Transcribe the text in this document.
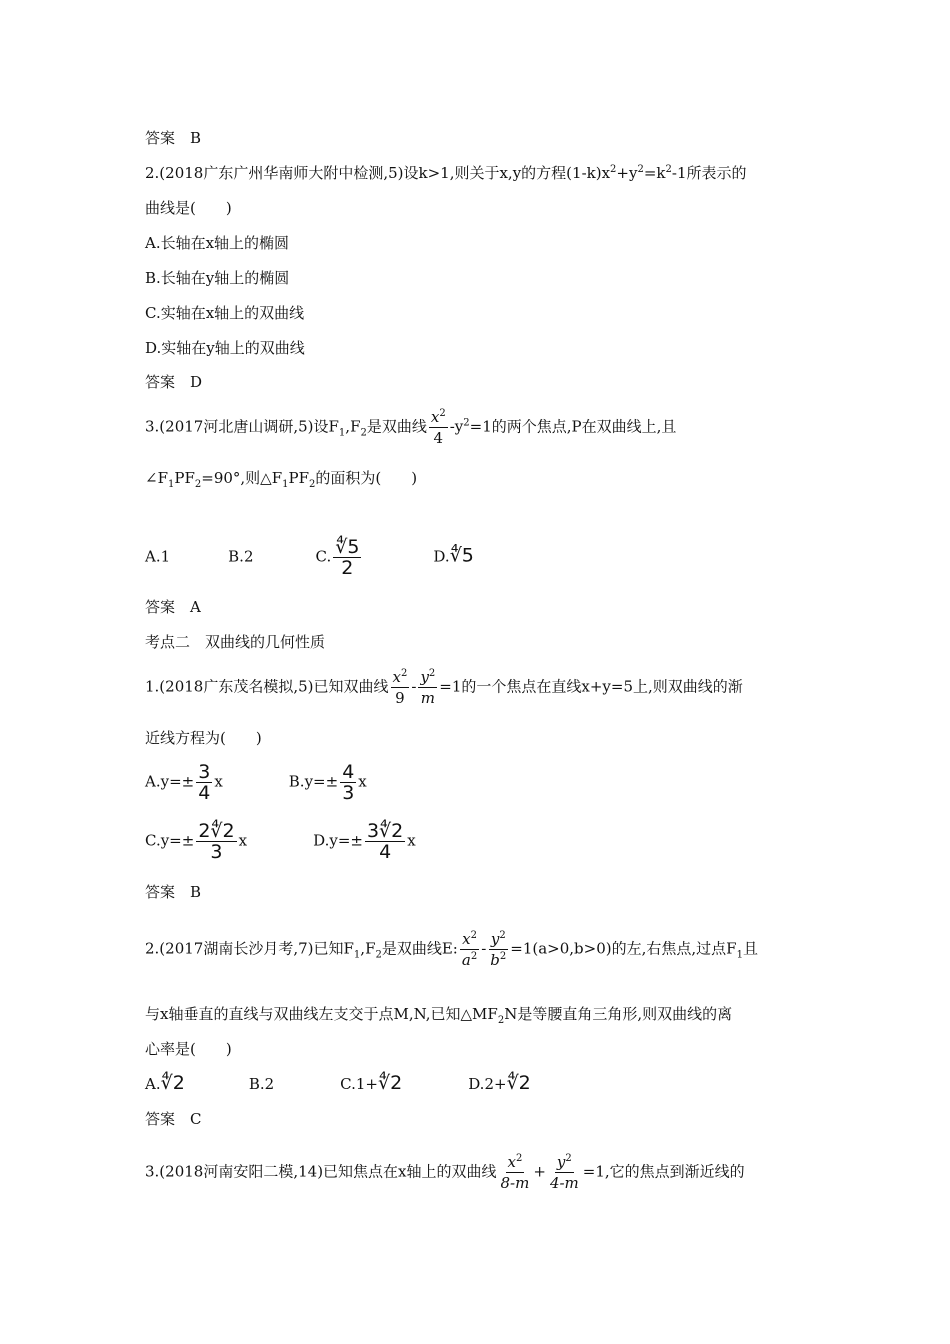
答案　B
2.(2018广东广州华南师大附中检测,5)设k>1,则关于x,y的方程$(1-k)x^2+y^2=k^2-1$所表示的
曲线是(　　)
A.长轴在x轴上的椭圆
B.长轴在y轴上的椭圆
C.实轴在x轴上的双曲线
D.实轴在y轴上的双曲线
答案　D
3.(2017河北唐山调研,5)设$F_1,F_2$是双曲线 $\frac{x^2}{4} -y^2=1$的两个焦点,P在双曲线上,且
$\angle F_1PF_2=90^\circ$,则$\triangle F_1PF_2$的面积为(　　)
A.1	B.2	C. $\frac{∜5}{2}$	D.∜5
答案　A
考点二　双曲线的几何性质
1.(2018广东茂名模拟,5)已知双曲线 $\frac{x^2}{9} - \frac{y^2}{m} =1$的一个焦点在直线x+y=5上,则双曲线的渐
近线方程为(　　)
$A.y=\pm \frac{3}{4}$ x	$B.y=\pm \frac{4}{3}$ x
$C.y=\pm \frac{2∜2}{3}$ x	$D.y=\pm \frac{3∜2}{4}$ x
答案　B
2.(2017湖南长沙月考,7)已知$F_1,F_2$是双曲线E: $\frac{x^2}{a^2} - \frac{y^2}{b^2} =1(a>0,b>0)$的左,右焦点,过点$F_1$且
与x轴垂直的直线与双曲线左支交于点M,N,已知$\triangle MF_2N$是等腰直角三角形,则双曲线的离
心率是(　　)
A.∜2	B.2	C.1+∜2	D.2+∜2
答案　C
3.(2018河南安阳二模,14)已知焦点在x轴上的双曲线 $\frac{x^2}{8-m} + \frac{y^2}{4-m} =1$,它的焦点到渐近线的
